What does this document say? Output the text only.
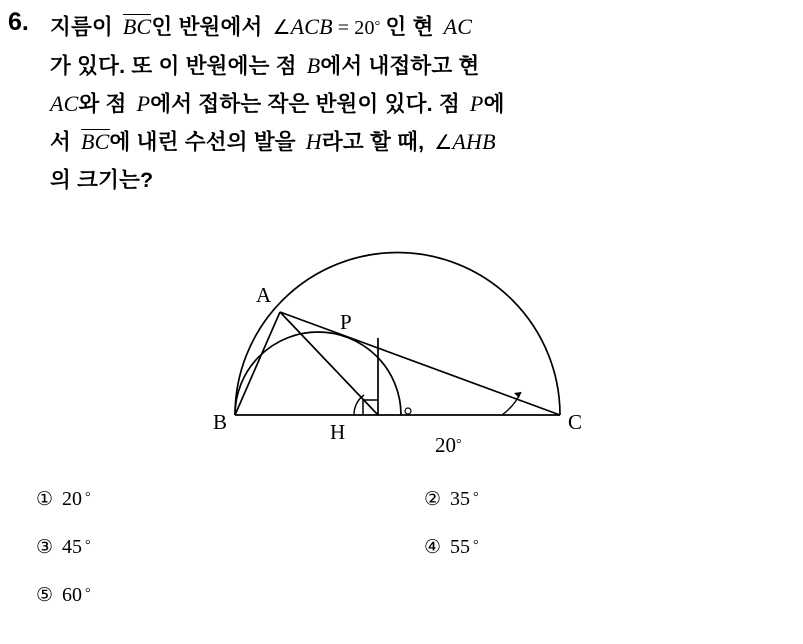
6. 지름이 BC인 반원에서 ∠ACB = 20° 인 현 AC
가 있다. 또 이 반원에는 점 B에서 내접하고 현
AC와 점 P에서 접하는 작은 반원이 있다. 점 P에
서 BC에 내린 수선의 발을 H라고 할 때, ∠AHB
의 크기는?
A
P
B	H	C
20°
① 20 °	② 35 °
③ 45 °	④ 55 °
⑤ 60 °
